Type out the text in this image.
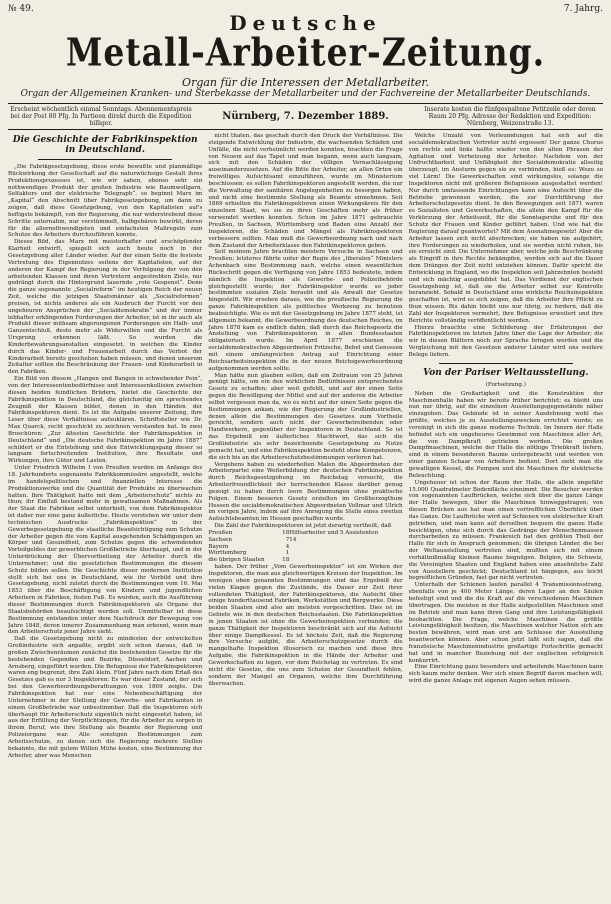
№ 49.	7. Jahrg.
Deutsche
Metall-Arbeiter-Zeitung.
Organ für die Interessen der Metallarbeiter.
Organ der Allgemeinen Kranken- und Sterbekasse der Metallarbeiter und der Fachvereine der Metallarbeiter Deutschlands.
Erscheint wöchentlich einmal Sonntags. Abonnementspreis bei der Post 80 Pfg. In Partieen direkt durch die Expedition billiger.
Nürnberg, 7. Dezember 1889.
Inserate kosten die fünfgespaltene Petitzeile oder deren Raum 20 Pfg. Adresse der Redaktion und Expedition: Nürnberg, Weizenstraße 13.
Die Geschichte der Fabrikinspektion in Deutschland.

„Die Fabrikgesetzgebung, diese erste bewußte und planmäßige Rückwirkung der Gesellschaft auf die naturwüchsige Gestalt ihres Produktionsprozesses ist, wie wir sahen, ebenso sehr ein nothwendiges Produkt der großen Industrie wie Baumwollgarn, Selfaktors und der elektrische Telegraph“, so beginnt Marx im „Kapital“ den Abschnitt über Fabrikgesetzgebung, um dann zu zeigen, daß diese Gesetzgebung, von den Kapitalisten auf's heftigste bekämpft, von der Regierung, die nur widerstrebend diese Schritte unternahm, nur verstümmelt, halbgebären bewirkt, deren für die allernothwendigsten und einfachsten Maßregeln zum Schutze des Arbeiters durchzuführen konnte.

Dieses Bild, das Marx mit meisterhafter und erschöpfender Klarheit entwirft, spiegelt sich auch heute noch in der Gesetzgebung aller Länder wieder. Auf der einen Seite die festeste Vertretung des Eigennutzes seitens der Kapitalisten, auf der anderen der Kampf der Regierung in der Verfolgung der von den arbeitenden Klassen und ihren Vertretern angestrebten Ziele, nur gedrängt durch die Hintergrund lauernde „rote Gespenst“. Denn die ganze sogenannte „Socialreform“ im heutigen Reich der neuen Zeit, welche die jetzigen Staatsmänner als „Socialreformen“ preisen, ist nichts anderes als ein Ausbruch der Furcht vor den ungeheuren Ansprüchen der „Socialdemokratie“ und der immer lebhafter erklingenden Forderungen der Arbeiter, ist in ihr auch als Produkt dieser mühsam abgerungenen Forderungen ein Halb- und Ganzentschluß, desto mehr als Widerwillen und die Furcht als Ursprung erkennen läßt. So wurden die Kinderbewahrungsanstalten eingesetzt, in welchen die Kinder durch das Kinder- und Frauenarbeit durch das Verbot der Kinderarbeit bereits geschehen haben müssen, und denen unserem Zeitalter sollten die Beschränkung der Frauen- und Kinderarbeit in den Fabriken.

Ein Bild von diesem „Hangen und Bangen in schwebender Pein“, von der Interessentenbedürfnisse und Interessenkollision zwischen diesen beiden feindlichen Brüdern, bietet die Geschichte der Fabrikinspektion in Deutschland, die gleichzeitig ein sprechendes Zeugniß der Klassen bildet, denen in den Händen der Fabrikinspektoren dient. Es ist die Aufgabe unserer Zeitung, ihre Leser über diese Verhältnisse aufzuklären. Schriftsteller wie Dr. Max Quarck, recht geschickt zu zeichnen verstanden hat. In zwei Broschüren: „Zur ältesten Geschichte der Fabrikinspektion in Deutschland“ und „Die deutsche Fabrikinspektion im Jahre 1887“ schildert er die Entstehung und den Entwicklungsgang dieser so langsam fortschreitenden Institution, ihre Resultate und Wirkungen, ihre Güter und Lasten.

Unter Friedrich Wilhelm I von Preußen wurden im Anfange des 18. Jahrhunderts sogenannte Fabrikkommissäre angestellt, welche im handelspolitischen und finanziellen Interesse die Produktionswerke und die Quantität der Produkte zu überwachen hatten. Ihre Thätigkeit hatte mit dem „Arbeiterschutz“ nichts zu thun; ihr Einfluß bestand mehr in gewaltsamen Maßnahmen. Als der Staat die Fabriken selbst unterhielt, von dem Fabrikinspektor ist daher nur eine ganz äußerliche. Heute verstehen wir unter dem technischen Ausdrucke „Fabrikinspektion“ in der Gewerbegesetzgebung die staatliche Beaufsichtigung zum Schutze der Arbeiter gegen die vom Kapital ausgehenden Schädigungen an Körper und Gesundheit, zum Schutze gegen die schwindenden Vorteilgeldes der gewerblichen Großbetriebe überhaupt, und in der Unterdrückung der Übervortheilung der Arbeiter durch die Unternehmer; und die gesetzlichen Bestimmungen die diesem Schutz bilden sollen. Die Geschichte dieser modernen Institution stellt sich bei uns in Deutschland, wie ihr Vorbild und ihre Gesetzgebung, nicht zuletzt durch die Bestimmungen vom 16. Mai 1853 über die Beschäftigung von Kindern und jugendlichen Arbeitern in Fabriken, festen Fuß. Es wurden, auch die Ausführung dieser Bestimmungen durch Fabrikinspektoren als Organe der Staatsbehörden beaufsichtigt werden soll. Unmittelbar ist diese Bestimmung entstanden unter dem Nachdruck der Bewegung von Jahre 1848, deren innerer Zusammenhang man erkennt, wenn man den Arbeiterschutz jener Jahre sieht.

Daß die Gesetzgebung nicht zu mindesten der entwickelten Großindustrie sich anpaßte, ergibt sich schon daraus, daß in großen Zwischenräumen zunächst die bestehenden Gesetze für die bestehenden Gegenden und Bezirke, Düsseldorf, Aachen und Arnsberg, eingeführt wurden. Die Befugnisse der Fabrikinspektoren waren eng begrenzt, ihre Zahl klein. Fünf Jahre nach dem Erlaß des Gesetzes gab es nur 3 Inspektoren: Es war dieser Zustand, der sich bei den Gewerbeordnungsberathungen von 1869 zeigte. Die Fabrikinspektion hat nur eine Nebenbeschäftigung der Unternehmer in der Stellung der Gewerbe- und Fabrikanten in einem Großbetriebe war unbestimmbar. Daß die Inspektoren sich überhaupt für Arbeiterschutz eigentlich nicht eingesetzt haben, ist aus der Erfüllung der Verpflichtungen, für die Arbeiter zu sorgen in ihrem Beruf, wie ihre Stellung als Beamte der Regierung und Polizeiorgane war. Alle sonstigen Bestimmungen zum Arbeitsschutze, zu denen sich die Regierung mehrere Stellen bekannte, die mit gutem Willen Mühe kosten, eine Bestimmung der Arbeiter, aber was Menschen

nicht thaten, das geschah durch den Druck der Verhältnisse. Die steigende Entwicklung der Industrie, die wachsenden Schäden und Unfälle, die nicht verheimlicht werden konnten, brachten die Frage von Neuem auf das Tapet und man begann, wenn auch langsam, sich mit den Schäden der völligen Vernachlässigung auseinanderzusetzen. Auf die Bitte der Arbeiter, an allen Orten ein freiwilliges Aufsichtsamt einzuführen, wurde im Ministerium beschlossen: es sollen Fabrikinspektoren angestellt werden, die nur die Verwaltung der sanitären Angelegenheiten zu besorgen haben, und nicht eine bestimmte Stellung als Beamte einnehmen. Seit 1869 erhielten die Fabrikinspektoren einen Wirkungskreis für den einzelnen Staat, wo sie zu ihren Geschäften mehr als früher verwendet werden konnten. Schon im Jahre 1871 gebrauchte Preußen, in Sachsen, Württemberg und Baden eine Anzahl der Inspektoren, die Schäden und Mängel als Fabrikinspektoren verbessern sollten. Man muß die Gewerbeordnung nach und nach dem Zustand der Arbeiterklasse den Fabrikinspektoren geben.

Seit meinem Jahre brachten meistere Versuche in Sachsen und Preußen; letzteres führte unter der Regie des „liberalen“ Ministers Achenbach eine Bestimmung nach, welche einen wesentlichen Rückschritt gegen die Verfügung von Jahre 1853 bedeutete, indem nämlich die Inspektion als Gewerbe- und Polizeibehörde gleichgestellt wurde; der Fabrikinspektor wurde so jeder bestimmten sozialen Ziele beraubt und als Anwalt der Gesetze hingestellt. Wir ersehen daraus, wie die preußische Regierung die ganze Fabrikinspektion als politisches Werkzeug zu benutzen beabsichtigte. Wie es mit der Gesetzgebung im Jahre 1877 steht, ist allgemein bekannt, die Gewerbeordnung des deutschen Reiches, im Jahre 1878 kam es endlich dahin, daß durch das Reichsgesetz die Anstellung von Fabrikinspektoren in allen Bundesstaaten obligatorisch wurde. Im April 1877 erschienen die socialdemokratischen Abgeordneten Fritzsche, Bebel und Genossen mit einem umfangreichen Antrag auf Einrichtung einer Reichsarbeitsinspektion die in der neuen Reichsgewerbeordnung aufgenommen werden sollte.

Man hätte nun glauben sollen, daß ein Zeitraum von 25 Jahren genügt hätte, um ein den wirklichen Bedürfnissen entsprechendes Gesetz zu schaffen; aber weit gefehlt, und auf der einen Seite gegen die Bewilligung der Mittel und auf der anderen die Arbeiter selbst vergessen man da, wo es nicht auf der einen Seite gegen die Bestimmungen ankam, wie der Regierung der Großindustriellen, denen allein die Bestimmungen des Gesetzes zum Vortheile gereicht, sondern auch nicht der Gewerbetreibenden oder Handwerkern, gegenüber der Inspektoren in Deutschland. So ist das Ergebniß ein äußerliches Machtwort, das sich die Großindustrie als sehr bezeichnende Gesetzgebung zu Nutze gemacht hat, und eine Fabrikinspektion besteht ohne Kompetenzen, die sich bis an die Arbeiterschutzbestimmungen verloren hat.

Vergebens haben zu wiederholten Malen die Abgeordneten der Arbeiterpartei eine Weiterbildung der deutschen Fabrikinspektion durch Reichsgesetzgebung im Reichstag versucht, die Arbeiterfreundlichkeit der herrschenden Klasse darüber genug gezeigt zu haben durch leere Bestimmungen ohne praktische Folgen. Einem besseren Gesetz erzielten im Großherzogthum Hessen die socialdemokratischen Abgeordneten Vollmar und Ulrich im vorigen Jahre, indem auf ihre Anregung die Stelle eines zweiten Aufsichtsbeamten im Hessen geschaffen wurde.

Die Zahl der Fabrikinspektoren ist jetzt derartig vertheilt, daß

Preußen	18	Hilfsarbeiter und 5 Assistenten
Sachsen	7	14
Bayern	4	
Württemberg	1	
die übrigen Staaten	18	

haben. Der früher „Vom Gewerbeinspektor“ ist ein Wirken der Inspektoren, die man aus gleichwertigen Kreisen der Inspektion. Im wenigen oben genannten Bestimmungen sind das Ergebniß der vielen Klagen gegen die Zustände, die Dauer zur Zeit ihrer vollendeten Thätigkeit, der Fabrikinspektoren, die Aufsicht über einige hunderttausend Fabriken, Werkstätten und Bergwerke. Diese beiden Staaten sind also am meisten vorgeschritten. Dies ist im Gebiete wie in den deutschen Reichsstaaten. Die Fabrikinspektion in jenen Staaten ist ohne die Gewerbeinspektion verbunden; die ganze Thätigkeit der Inspektoren beschränkt sich auf die Aufsicht über einige Dampfkessel. Es ist höchste Zeit, daß die Regierung ihre Versuche aufgibt, die Arbeiterschutzgesetze durch die mangelhafte Inspektion illusorisch zu machen und diese ihre Aufgabe, die Fabrikinspektion in die Hände der Arbeiter und Gewerkschaften zu legen, vor dem Reichstag zu vertreten. Es sind nicht die Gesetze, die uns zum Schutze der Gesundheit fehlen, sondern der Mangel an Organen, welche ihre Durchführung überwachen.

Welche Unzahl von Verleumdungen hat sich auf die socialdemokratischen Vertreter nicht ergossen! Der ganze Chorus von rechts und links hallte wieder von den alten Phrasen der Agitation und Verhetzung der Arbeiter. Nachdem von der Unfruchtbarkeit und Unfähigkeit der Socialdemokratie allseitig überzeugt, im Ansturm gegen sie zu verbünden, hieß es: Wozu so viel Lärm! Die Gewerkschaften sind wirkungslos, solange die Inspektoren nicht mit größeren Befugnissen ausgestattet werden! Nur durch umfassende Einrichtungen kann eine Aufsicht über die Betriebe gewonnen werden, die zur Durchführung der Arbeiterschutzgesetze dient. In den Bewegungen seit 1871 waren es Sozialisten und Gewerkschaften, die allein den Kampf für die Verkürzung der Arbeitszeit, für die Sonntagsruhe und für den Schutz der Frauen und Kinder geführt haben. Und wie hat die Regierung darauf geantwortet? Mit dem Ausnahmegesetz! Aber die Arbeiter lassen sich nicht abschrecken; sie haben nie aufgehört, ihre Forderungen zu wiederholen, und sie werden nicht ruhen, bis sie erreicht sind. Die Unternehmer aber, welche jede Beschränkung als Eingriff in ihre Rechte bekämpfen, werden sich auf die Dauer dem Drängen der Zeit nicht entziehen können. Dafür spricht die Entwicklung in England, wo die Inspektion seit Jahrzehnten besteht und sich mächtig ausgebildet hat. Das Verdienst der englischen Gesetzgebung ist, daß sie die Arbeiter selbst zur Kontrolle heranzieht. Sobald in Deutschland eine wirkliche Reichsinspektion geschaffen ist, wird es sich zeigen, daß die Arbeiter ihre Pflicht zu thun wissen. Bis dahin bleibt uns nur übrig, zu fordern, daß die Zahl der Inspektoren vermehrt, ihre Befugnisse erweitert und ihre Berichte vollständig veröffentlicht werden.

Hierzu brauchte eine Schilderung der Erfahrungen der Fabrikinspektoren im letzten Jahre über die Lage der Arbeiter; die wir in diesen Blättern noch zur Sprache bringen werden und die Vergleichung mit den Gesetzen anderer Länder wird uns weitere Belege liefern.

Von der Pariser Weltausstellung.
(Fortsetzung.)

Neben die Großartigkeit und die Konstruktion der Maschinenhalle haben wir bereits früher berichtet; es bleibt uns nun nur übrig, auf die einzelnen Ausstellungsgegenstände näher einzugehen. Das Gebäude ist in seiner Ausdehnung wohl das größte, welches je zu Ausstellungszwecken errichtet wurde; es vereinigt in sich die ganze moderne Technik. Im Innern der Halle befindet sich ein ungeheures Gewimmel von Maschinen aller Art, die von Dampfkraft getrieben werden. Die großen Dampfmaschinen, welche der Halle die nöthige Triebkraft liefern, sind in einem besonderen Raume untergebracht und werden von einer ganzen Schaar von Arbeitern bedient. Dort sieht man die gewaltigen Kessel, die Pumpen und die Maschinen für elektrische Beleuchtung.

Ungeheuer ist schon der Raum der Halle, die allein ungefähr 15.000 Quadratmeter Bodenfläche einnimmt. Die Besucher werden von sogenannten Laufbrücken, welche sich über die ganze Länge der Halle bewegen, über die Maschinen hinweggetragen; von diesen Brücken aus hat man einen vortrefflichen Überblick über das Ganze. Die Laufbrücke wird auf Schienen von elektrischer Kraft getrieben, und man kann auf derselben bequem die ganze Halle besichtigen, ohne sich durch das Gedränge der Menschenmassen durcharbeiten zu müssen. Frankreich hat den größten Theil der Halle für sich in Anspruch genommen; die übrigen Länder, die bei der Weltausstellung vertreten sind, mußten sich mit einem verhältnißmäßig kleinen Raume begnügen. Belgien, die Schweiz, die Vereinigten Staaten und England haben eine ansehnliche Zahl von Ausstellern geschickt; Deutschland ist hingegen, aus leicht begreiflichen Gründen, fast gar nicht vertreten.

Unterhalb der Schienen laufen parallel 4 Transmissionsstrang, ebenfalls von je 400 Meter Länge, deren Lager an den Säulen befestigt sind und die die Kraft auf die verschiedenen Maschinen übertragen. Die meisten in der Halle aufgestellten Maschinen sind im Betrieb und man kann ihren Gang und ihre Leistungsfähigkeit beobachten. Die Frage, welche Maschinen die größte Leistungsfähigkeit besitzen, die Maschinen welcher Nation sich am besten bewähren, wird man erst am Schlusse der Ausstellung beantworten können. Aber schon jetzt läßt sich sagen, daß die französische Maschinenindustrie großartige Fortschritte gemacht hat und in mancher Beziehung mit der englischen erfolgreich konkurrirt.

Eine Einrichtung ganz besonders und arbeitende Maschinen kann sich kaum mehr denken. Wer sich einen Begriff davon machen will, wird die ganze Anlage mit eigenen Augen sehen müssen.
